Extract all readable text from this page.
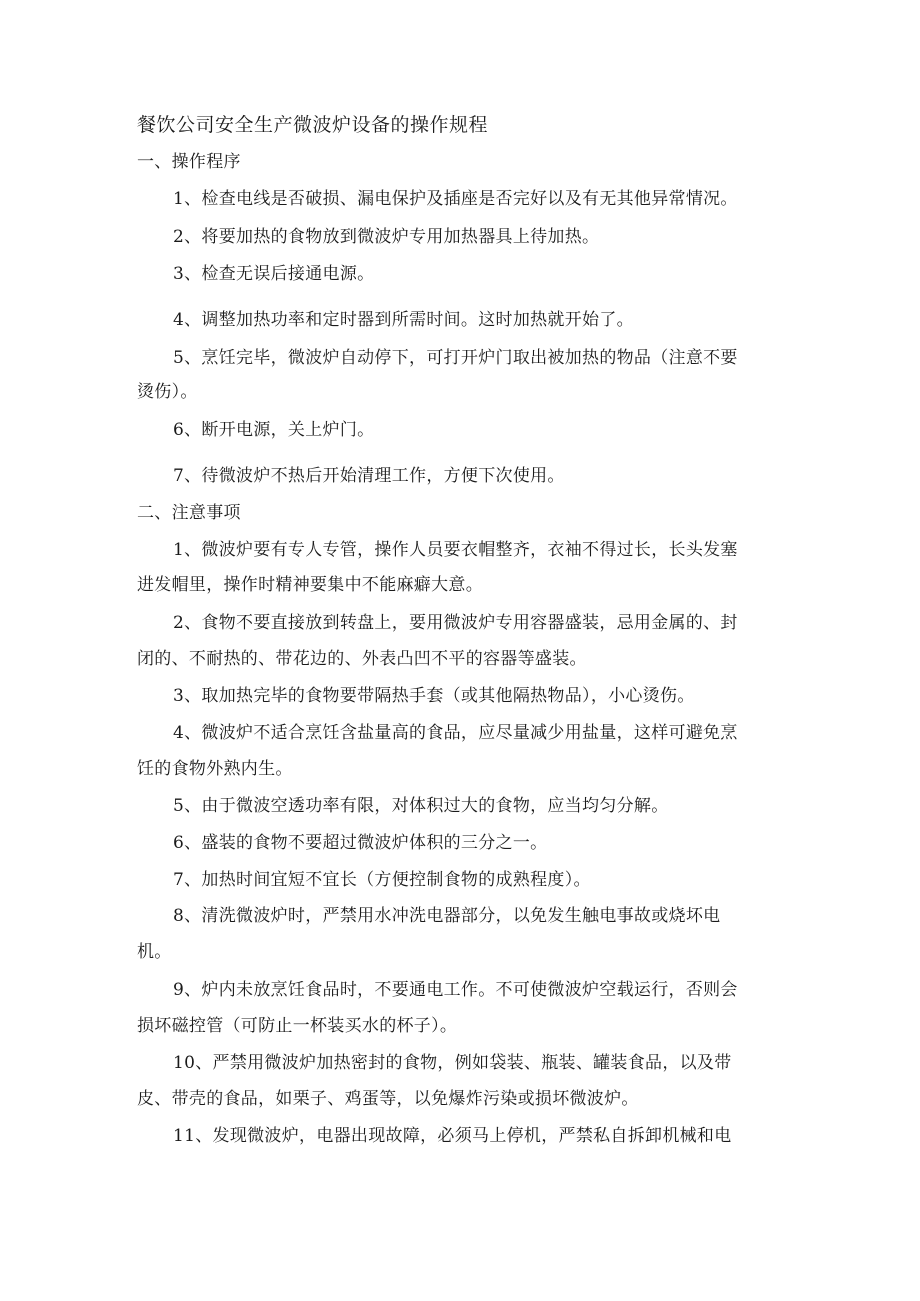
餐饮公司安全生产微波炉设备的操作规程
一、操作程序
1、检查电线是否破损、漏电保护及插座是否完好以及有无其他异常情况。
2、将要加热的食物放到微波炉专用加热器具上待加热。
3、检查无误后接通电源。
4、调整加热功率和定时器到所需时间。这时加热就开始了。
5、烹饪完毕，微波炉自动停下，可打开炉门取出被加热的物品（注意不要
烫伤）。
6、断开电源，关上炉门。
7、待微波炉不热后开始清理工作，方便下次使用。
二、注意事项
1、微波炉要有专人专管，操作人员要衣帽整齐，衣袖不得过长，长头发塞
进发帽里，操作时精神要集中不能麻癖大意。
2、食物不要直接放到转盘上，要用微波炉专用容器盛装，忌用金属的、封
闭的、不耐热的、带花边的、外表凸凹不平的容器等盛装。
3、取加热完毕的食物要带隔热手套（或其他隔热物品），小心烫伤。
4、微波炉不适合烹饪含盐量高的食品，应尽量减少用盐量，这样可避免烹
饪的食物外熟内生。
5、由于微波空透功率有限，对体积过大的食物，应当均匀分解。
6、盛装的食物不要超过微波炉体积的三分之一。
7、加热时间宜短不宜长（方便控制食物的成熟程度）。
8、清洗微波炉时，严禁用水冲洗电器部分，以免发生触电事故或烧坏电
机。
9、炉内未放烹饪食品时，不要通电工作。不可使微波炉空载运行，否则会
损坏磁控管（可防止一杯装买水的杯子）。
10、严禁用微波炉加热密封的食物，例如袋装、瓶装、罐装食品，以及带
皮、带壳的食品，如栗子、鸡蛋等，以免爆炸污染或损坏微波炉。
11、发现微波炉，电器出现故障，必须马上停机，严禁私自拆卸机械和电
